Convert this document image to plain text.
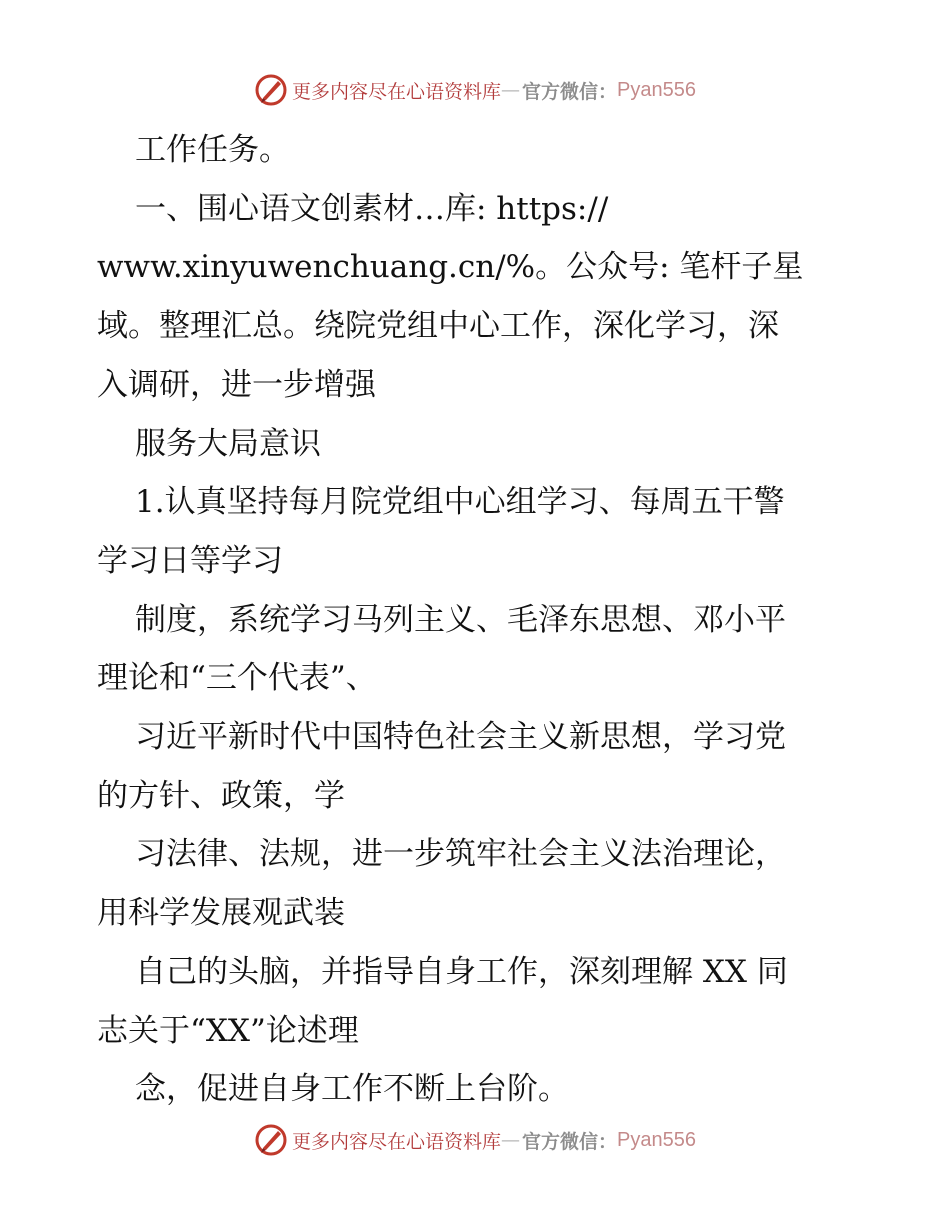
更多内容尽在心语资料库 — 官方微信： Pyan556

工作任务。

一、围心语文创素材…库: https://

www.xinyuwenchuang.cn/%。公众号: 笔杆子星

域。整理汇总。绕院党组中心工作，深化学习，深

入调研，进一步增强

服务大局意识

1.认真坚持每月院党组中心组学习、每周五干警

学习日等学习

制度，系统学习马列主义、毛泽东思想、邓小平

理论和“三个代表”、

习近平新时代中国特色社会主义新思想，学习党

的方针、政策，学

习法律、法规，进一步筑牢社会主义法治理论，

用科学发展观武装

自己的头脑，并指导自身工作，深刻理解 XX 同

志关于“XX”论述理

念，促进自身工作不断上台阶。

更多内容尽在心语资料库 — 官方微信： Pyan556
